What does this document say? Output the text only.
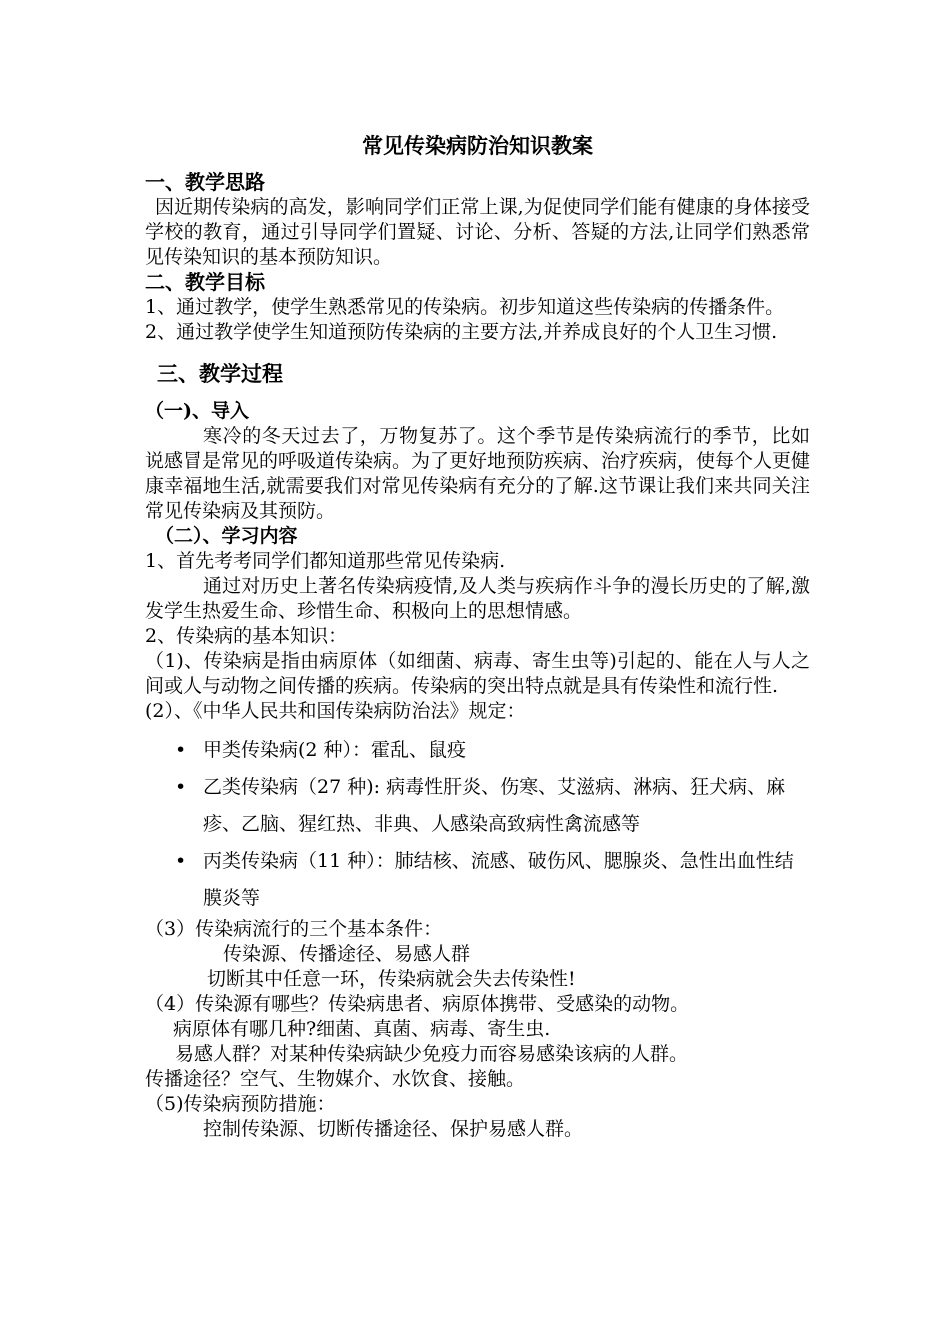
常见传染病防治知识教案
一、教学思路

因近期传染病的高发，影响同学们正常上课,为促使同学们能有健康的身体接受学校的教育，通过引导同学们置疑、讨论、分析、答疑的方法,让同学们熟悉常见传染知识的基本预防知识。

二、教学目标

1、通过教学，使学生熟悉常见的传染病。初步知道这些传染病的传播条件。

2、通过教学使学生知道预防传染病的主要方法,并养成良好的个人卫生习惯.

三、教学过程
（一)、导入

寒冷的冬天过去了，万物复苏了。这个季节是传染病流行的季节，比如说感冒是常见的呼吸道传染病。为了更好地预防疾病、治疗疾病，使每个人更健康幸福地生活,就需要我们对常见传染病有充分的了解.这节课让我们来共同关注常见传染病及其预防。

（二）、学习内容

1、首先考考同学们都知道那些常见传染病.

通过对历史上著名传染病疫情,及人类与疾病作斗争的漫长历史的了解,激发学生热爱生命、珍惜生命、积极向上的思想情感。

2、传染病的基本知识：

（1)、传染病是指由病原体（如细菌、病毒、寄生虫等)引起的、能在人与人之间或人与动物之间传播的疾病。传染病的突出特点就是具有传染性和流行性.

(2）、《中华人民共和国传染病防治法》规定：

• 甲类传染病(2 种）：霍乱、鼠疫
• 乙类传染病（27 种): 病毒性肝炎、伤寒、艾滋病、淋病、狂犬病、麻疹、乙脑、猩红热、非典、人感染高致病性禽流感等
• 丙类传染病（11 种）：肺结核、流感、破伤风、腮腺炎、急性出血性结膜炎等

（3）传染病流行的三个基本条件：

传染源、传播途径、易感人群

切断其中任意一环，传染病就会失去传染性!

（4）传染源有哪些？传染病患者、病原体携带、受感染的动物。

病原体有哪几种?细菌、真菌、病毒、寄生虫.

易感人群？对某种传染病缺少免疫力而容易感染该病的人群。

传播途径？空气、生物媒介、水饮食、接触。

（5)传染病预防措施：

控制传染源、切断传播途径、保护易感人群。
